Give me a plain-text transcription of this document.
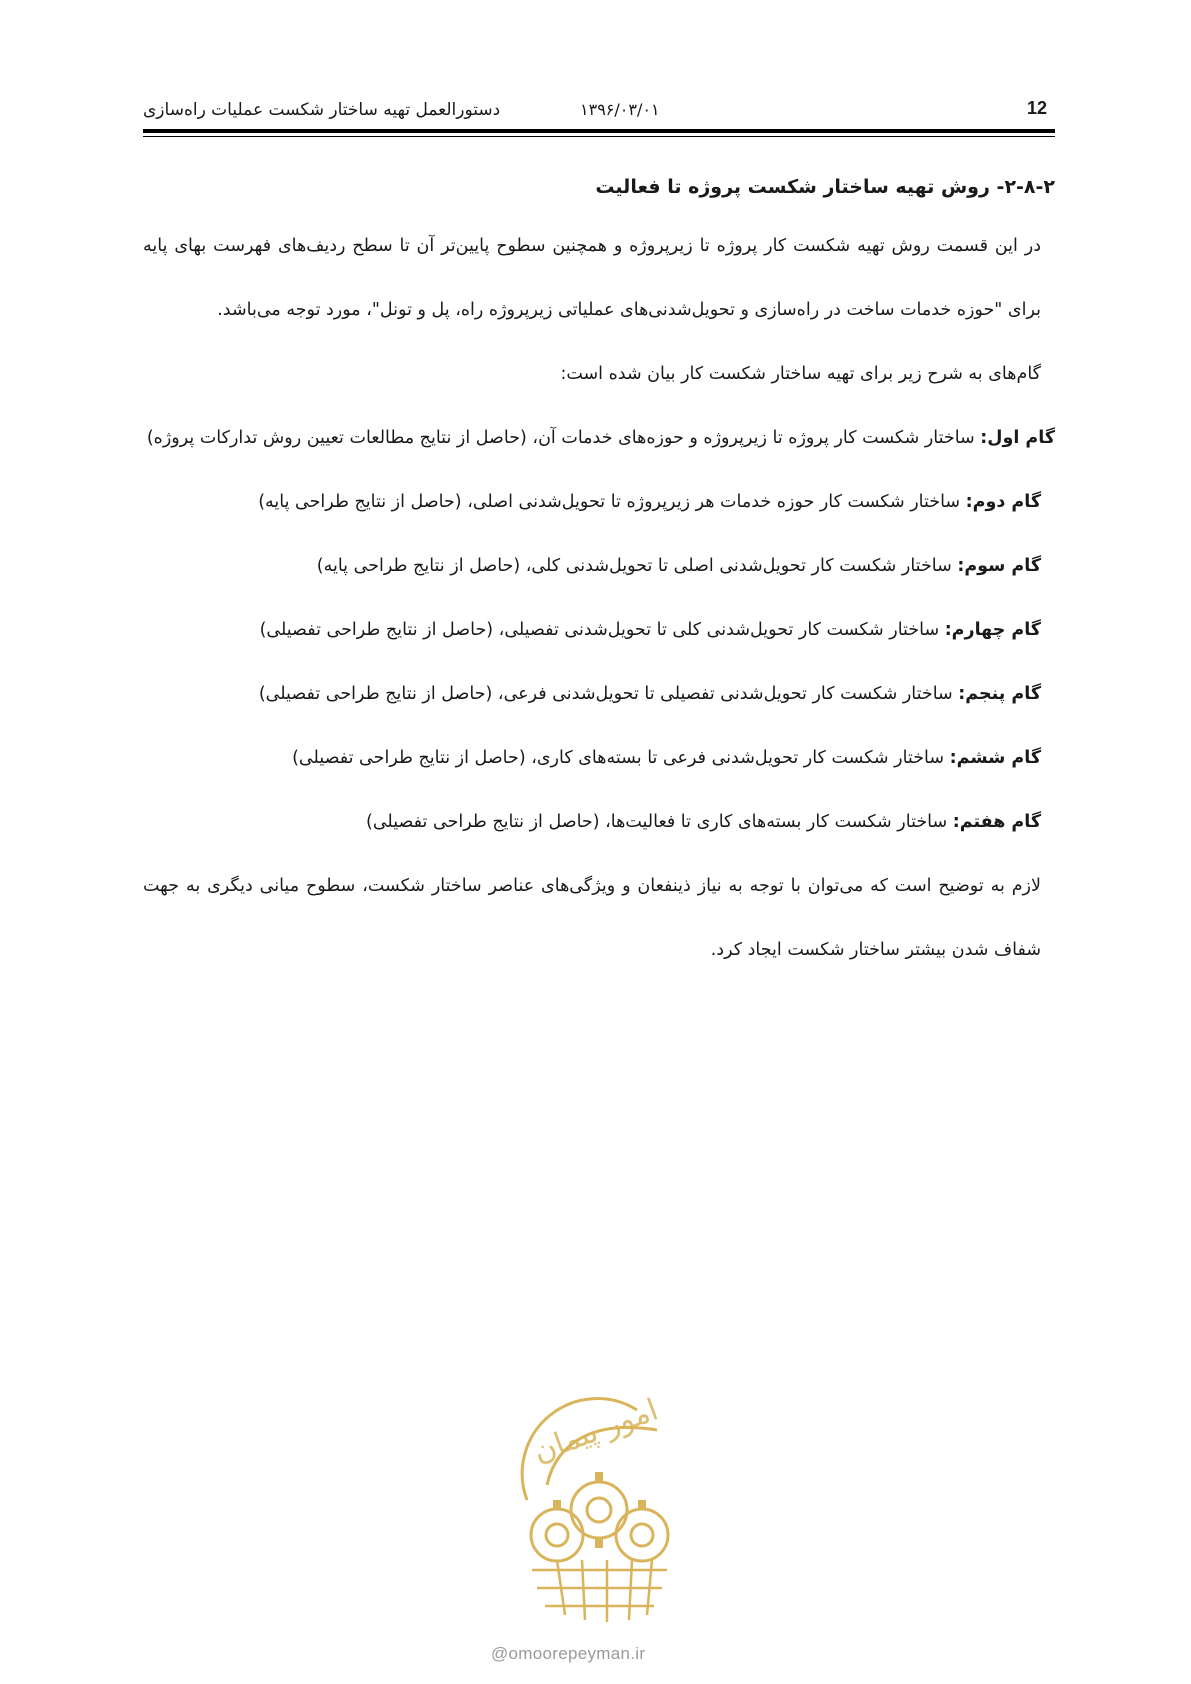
دستورالعمل تهیه ساختار شکست عملیات راه‌سازی	۱۳۹۶/۰۳/۰۱	12
۲-۸-۲- روش تهیه ساختار شکست پروژه تا فعالیت

در این قسمت روش تهیه شکست کار پروژه تا زیرپروژه و همچنین سطوح پایین‌تر آن تا سطح ردیف‌های فهرست بهای پایه برای "حوزه خدمات ساخت در راه‌سازی و تحویل‌شدنی‌های عملیاتی زیرپروژه راه، پل و تونل"، مورد توجه می‌باشد.

گام‌های به شرح زیر برای تهیه ساختار شکست کار بیان شده است:

گام اول: ساختار شکست کار پروژه تا زیرپروژه و حوزه‌های خدمات آن، (حاصل از نتایج مطالعات تعیین روش تدارکات پروژه)

گام دوم: ساختار شکست کار حوزه خدمات هر زیرپروژه تا تحویل‌شدنی اصلی، (حاصل از نتایج طراحی پایه)

گام سوم: ساختار شکست کار تحویل‌شدنی اصلی تا تحویل‌شدنی کلی، (حاصل از نتایج طراحی پایه)

گام چهارم: ساختار شکست کار تحویل‌شدنی کلی تا تحویل‌شدنی تفصیلی، (حاصل از نتایج طراحی تفصیلی)

گام پنجم: ساختار شکست کار تحویل‌شدنی تفصیلی تا تحویل‌شدنی فرعی، (حاصل از نتایج طراحی تفصیلی)

گام ششم: ساختار شکست کار تحویل‌شدنی فرعی تا بسته‌های کاری، (حاصل از نتایج طراحی تفصیلی)

گام هفتم: ساختار شکست کار بسته‌های کاری تا فعالیت‌ها، (حاصل از نتایج طراحی تفصیلی)

لازم به توضیح است که می‌توان با توجه به نیاز ذینفعان و ویژگی‌های عناصر ساختار شکست، سطوح میانی دیگری به جهت شفاف شدن بیشتر ساختار شکست ایجاد کرد.

امور پیمان
@omoorepeyman.ir
